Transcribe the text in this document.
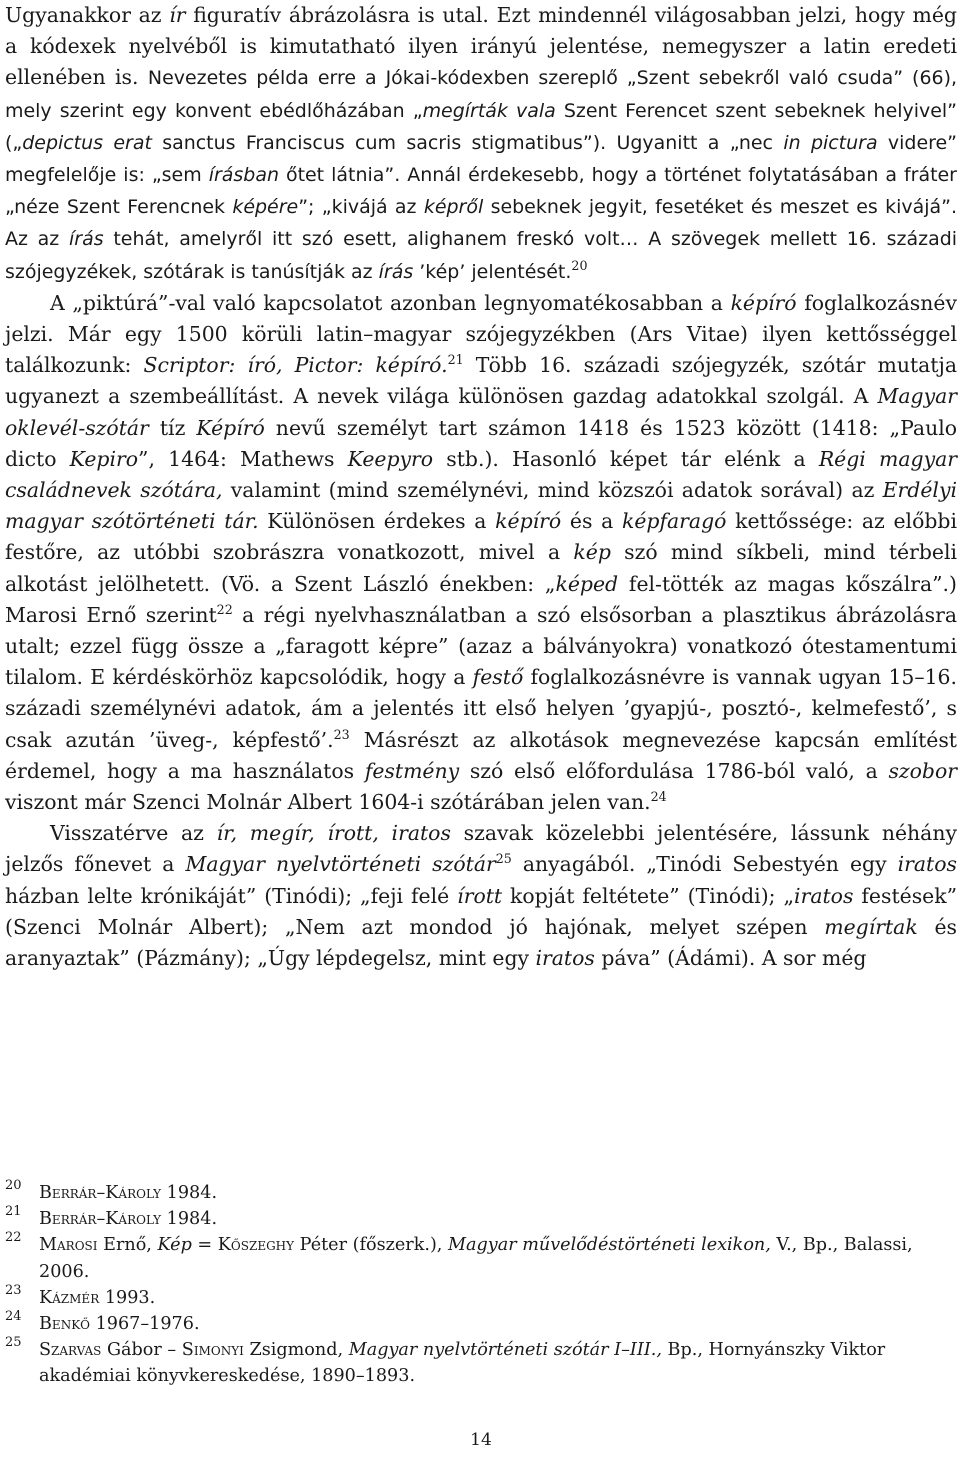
Ugyanakkor az ír figuratív ábrázolásra is utal. Ezt mindennél világosabban jelzi, hogy még a kódexek nyelvéből is kimutatható ilyen irányú jelentése, nemegyszer a latin eredeti ellenében is. Nevezetes példa erre a Jókai-kódexben szereplő „Szent sebekről való csuda” (66), mely szerint egy konvent ebédlőházában „megírták vala Szent Ferencet szent sebeknek helyivel” („depictus erat sanctus Franciscus cum sacris stigmatibus”). Ugyanitt a „nec in pictura videre” megfelelője is: „sem írásban őtet látnia”. Annál érdekesebb, hogy a történet folytatásában a fráter „néze Szent Ferencnek képére”; „kivájá az képről sebeknek jegyit, fesetéket és meszet es kivájá”. Az az írás tehát, amelyről itt szó esett, alighanem freskó volt… A szövegek mellett 16. századi szójegyzékek, szótárak is tanúsítják az írás ’kép’ jelentését.$^{20}$

A „piktúrá”-val való kapcsolatot azonban legnyomatékosabban a képíró foglalkozásnév jelzi. Már egy 1500 körüli latin–magyar szójegyzékben (Ars Vitae) ilyen kettősséggel találkozunk: Scriptor: író, Pictor: képíró.$^{21}$ Több 16. századi szójegyzék, szótár mutatja ugyanezt a szembeállítást. A nevek világa különösen gazdag adatokkal szolgál. A Magyar oklevél-szótár tíz Képíró nevű személyt tart számon 1418 és 1523 között (1418: „Paulo dicto Kepiro”, 1464: Mathews Keepyro stb.). Hasonló képet tár elénk a Régi magyar családnevek szótára, valamint (mind személynévi, mind közszói adatok sorával) az Erdélyi magyar szótörténeti tár. Különösen érdekes a képíró és a képfaragó kettőssége: az előbbi festőre, az utóbbi szobrászra vonatkozott, mivel a kép szó mind síkbeli, mind térbeli alkotást jelölhetett. (Vö. a Szent László énekben: „képed fel-tötték az magas kőszálra”.) Marosi Ernő szerint$^{22}$ a régi nyelvhasználatban a szó elsősorban a plasztikus ábrázolásra utalt; ezzel függ össze a „faragott képre” (azaz a bálványokra) vonatkozó ótestamentumi tilalom. E kérdéskörhöz kapcsolódik, hogy a festő foglalkozásnévre is vannak ugyan 15–16. századi személynévi adatok, ám a jelentés itt első helyen ’gyapjú-, posztó-, kelmefestő’, s csak azután ’üveg-, képfestő’.$^{23}$ Másrészt az alkotások megnevezése kapcsán említést érdemel, hogy a ma használatos festmény szó első előfordulása 1786-ból való, a szobor viszont már Szenci Molnár Albert 1604-i szótárában jelen van.$^{24}$

Visszatérve az ír, megír, írott, iratos szavak közelebbi jelentésére, lássunk néhány jelzős főnevet a Magyar nyelvtörténeti szótár$^{25}$ anyagából. „Tinódi Sebestyén egy iratos házban lelte krónikáját” (Tinódi); „feji felé írott kopját feltétete” (Tinódi); „iratos festések” (Szenci Molnár Albert); „Nem azt mondod jó hajónak, melyet szépen megírtak és aranyaztak” (Pázmány); „Úgy lépdegelsz, mint egy iratos páva” (Ádámi). A sor még

20 Berrár–Károly 1984.
21 Berrár–Károly 1984.
22 Marosi Ernő, Kép = Kőszeghy Péter (főszerk.), Magyar művelődéstörténeti lexikon, V., Bp., Balassi, 2006.
23 Kázmér 1993.
24 Benkő 1967–1976.
25 Szarvas Gábor – Simonyi Zsigmond, Magyar nyelvtörténeti szótár I–III., Bp., Hornyánszky Viktor akadémiai könyvkereskedése, 1890–1893.
14
